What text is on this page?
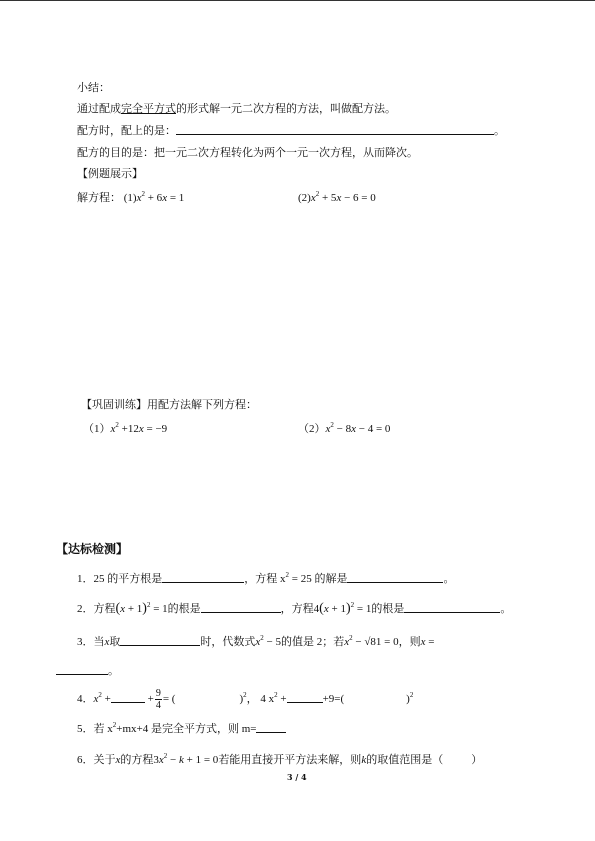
小结：
通过配成完全平方式的形式解一元二次方程的方法，叫做配方法。
配方时，配上的是：	。
配方的目的是：把一元二次方程转化为两个一元一次方程，从而降次。
【例题展示】
解方程： $(1)x^2 + 6x = 1$	$(2)x^2 + 5x - 6 = 0$
【巩固训练】用配方法解下列方程：
$(1)x^2 +12x = -9$	$(2)x^2 - 8x - 4 = 0$
【达标检测】
1．25 的平方根是	，方程 $x^2 = 25$ 的解是	。
2．方程$(x + 1)^2 = 1$的根是	，方程$4(x + 1)^2 = 1$的根是	。
3．当x取	时，代数式$x^2 - 5$的值是 2；若$x^2 - √81 = 0$，则x =
。
4．$x^2$ +	+ $\frac{9}{4}$ = (	)$^2$， 4 $x^2$ +	+9=(	)$^2$
5．若 $x^2+mx+4$ 是完全平方式，则 m=
6．关于x的方程$3x^2 - k + 1 = 0$若能用直接开平方法来解，则k的取值范围是（	）
3 / 4
